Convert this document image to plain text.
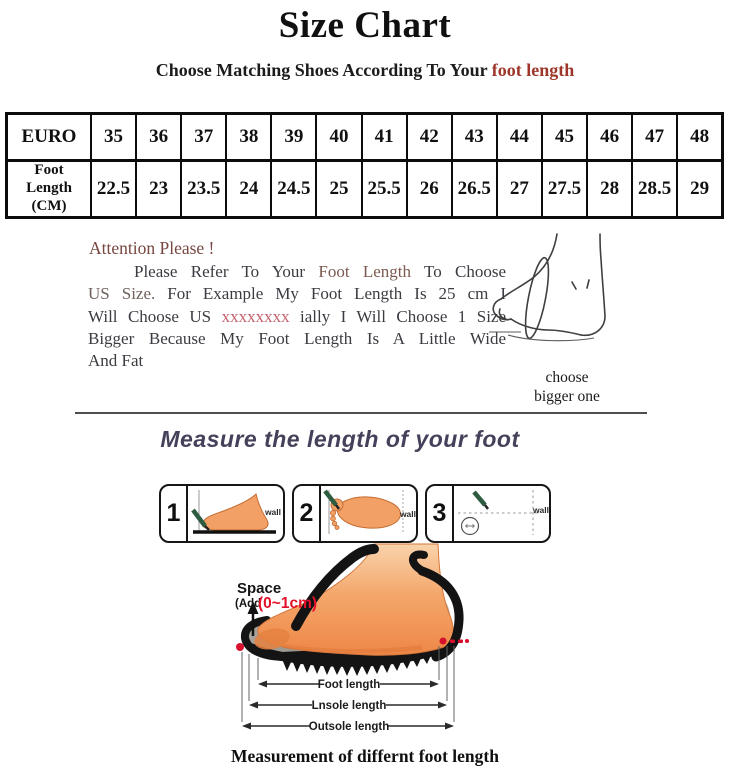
Size Chart
Choose Matching Shoes According To Your foot length
EURO	35	36	37	38	39	40	41	42	43	44	45	46	47	48
Foot Length (CM)	22.5	23	23.5	24	24.5	25	25.5	26	26.5	27	27.5	28	28.5	29
Attention Please !
Please Refer To Your Foot Length To Choose
US Size. For Example My Foot Length Is 25 cm I
Will Choose US xxxxxxxx ially I Will Choose 1 Size
Bigger Because My Foot Length Is A Little Wide
And Fat
choose
bigger one
Measure the length of your foot
1	wall 2	wall 3	wall
Space
(Add
(0~1cm)
Foot length
Lnsole length
Outsole length
Measurement of differnt foot length
